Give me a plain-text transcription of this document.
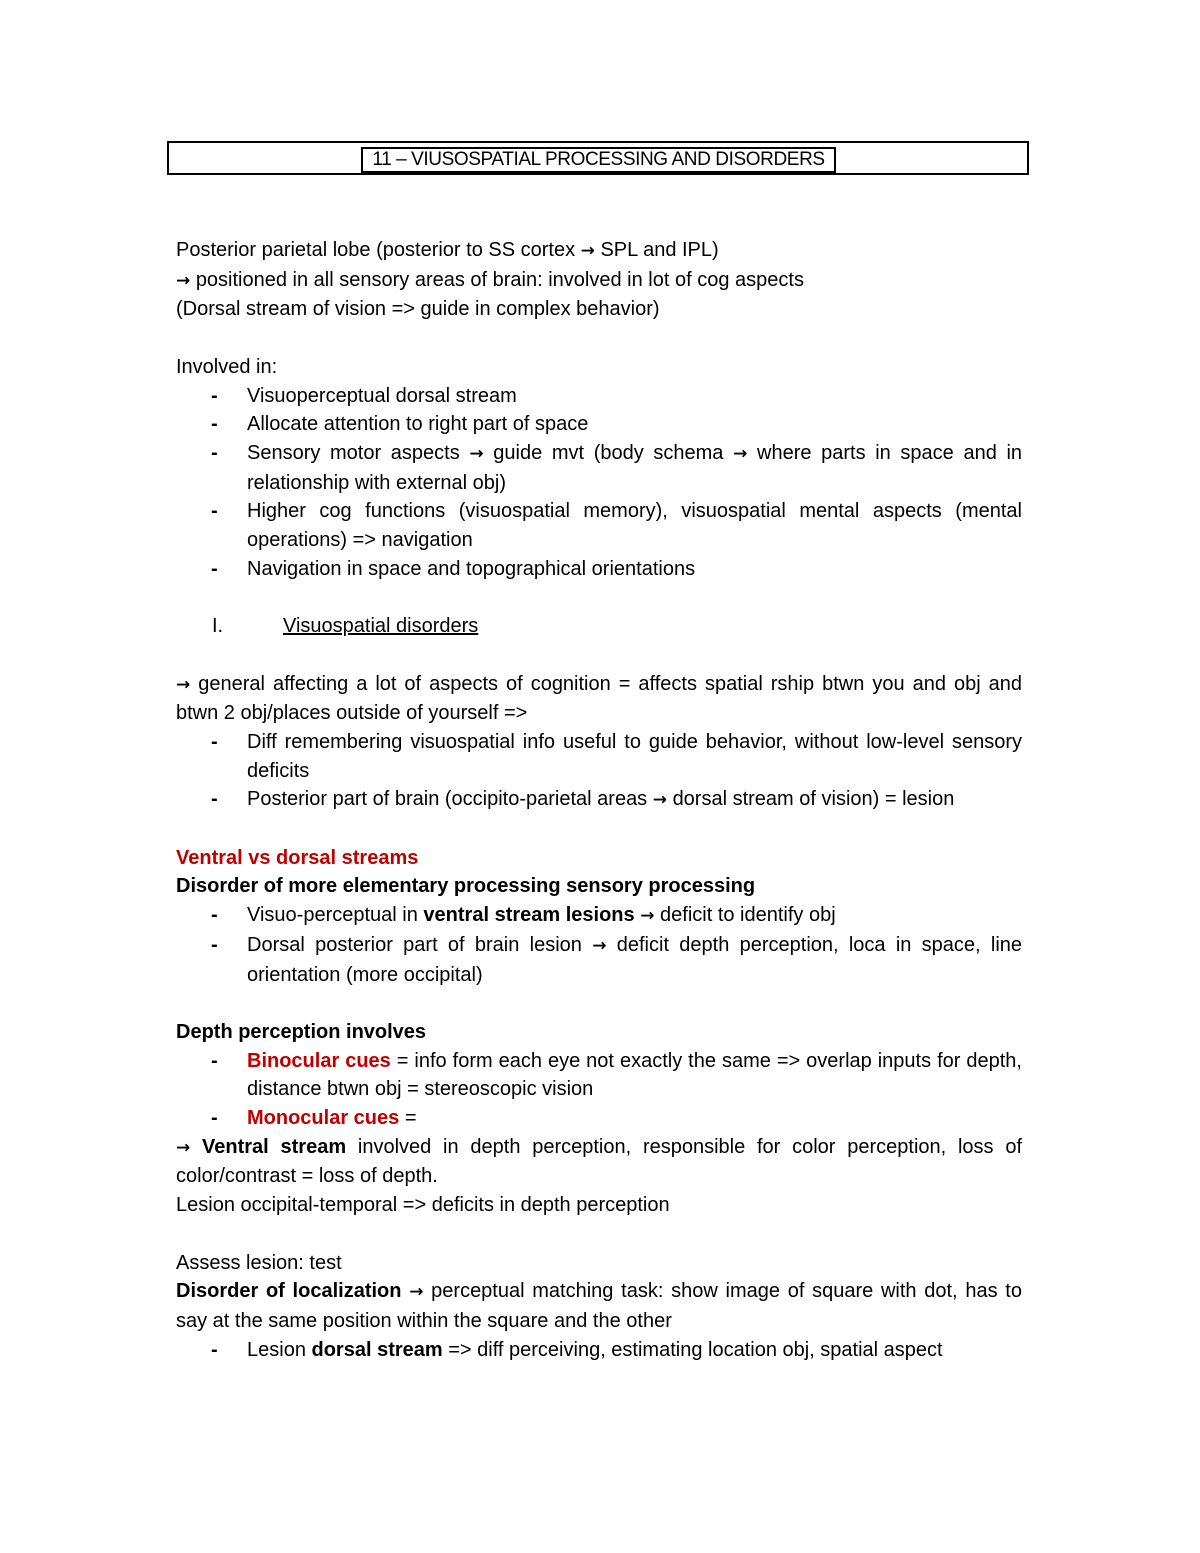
11 – VIUSOSPATIAL PROCESSING AND DISORDERS

Posterior parietal lobe (posterior to SS cortex → SPL and IPL)

→ positioned in all sensory areas of brain: involved in lot of cog aspects

(Dorsal stream of vision => guide in complex behavior)

Involved in:

- Visuoperceptual dorsal stream

- Allocate attention to right part of space

- Sensory motor aspects → guide mvt (body schema → where parts in space and in relationship with external obj)

- Higher cog functions (visuospatial memory), visuospatial mental aspects (mental operations) => navigation

- Navigation in space and topographical orientations

I.	Visuospatial disorders

→ general affecting a lot of aspects of cognition = affects spatial rship btwn you and obj and btwn 2 obj/places outside of yourself =>

- Diff remembering visuospatial info useful to guide behavior, without low-level sensory deficits

- Posterior part of brain (occipito-parietal areas → dorsal stream of vision) = lesion

Ventral vs dorsal streams

Disorder of more elementary processing sensory processing

- Visuo-perceptual in ventral stream lesions → deficit to identify obj

- Dorsal posterior part of brain lesion → deficit depth perception, loca in space, line orientation (more occipital)

Depth perception involves

- Binocular cues = info form each eye not exactly the same => overlap inputs for depth, distance btwn obj = stereoscopic vision

- Monocular cues =

→ Ventral stream involved in depth perception, responsible for color perception, loss of color/contrast = loss of depth.

Lesion occipital-temporal => deficits in depth perception

Assess lesion: test

Disorder of localization → perceptual matching task: show image of square with dot, has to say at the same position within the square and the other

- Lesion dorsal stream => diff perceiving, estimating location obj, spatial aspect
